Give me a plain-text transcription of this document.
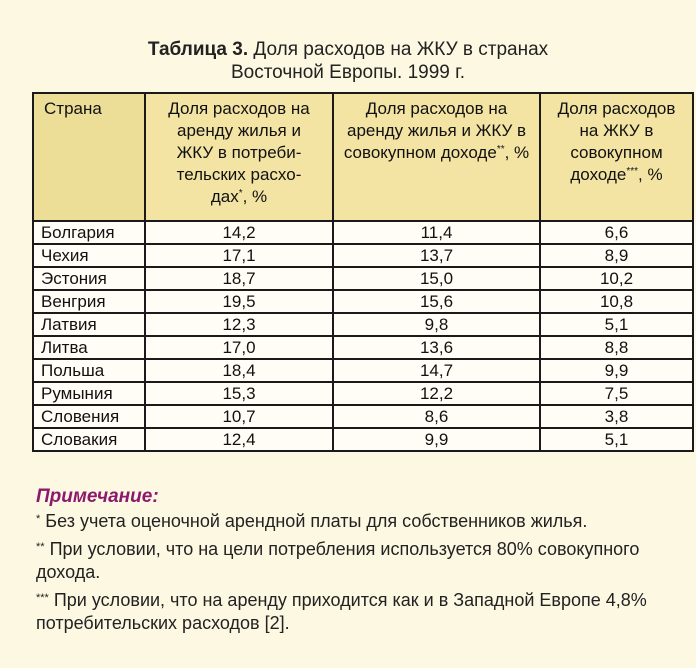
Таблица 3. Доля расходов на ЖКУ в странах
Восточной Европы. 1999 г.
Страна	Доля расходов на аренду жилья и ЖКУ в потреби- тельских расхо- дах*, %	Доля расходов на аренду жилья и ЖКУ в совокупном доходе**, %	Доля расходов на ЖКУ в совокупном доходе***, %

Болгария	14,2	11,4	6,6
Чехия	17,1	13,7	8,9
Эстония	18,7	15,0	10,2
Венгрия	19,5	15,6	10,8
Латвия	12,3	9,8	5,1
Литва	17,0	13,6	8,8
Польша	18,4	14,7	9,9
Румыния	15,3	12,2	7,5
Словения	10,7	8,6	3,8
Словакия	12,4	9,9	5,1
Примечание:

* Без учета оценочной арендной платы для собственников жилья.

** При условии, что на цели потребления используется 80% совокупного дохода.

*** При условии, что на аренду приходится как и в Западной Европе 4,8% потребительских расходов [2].
